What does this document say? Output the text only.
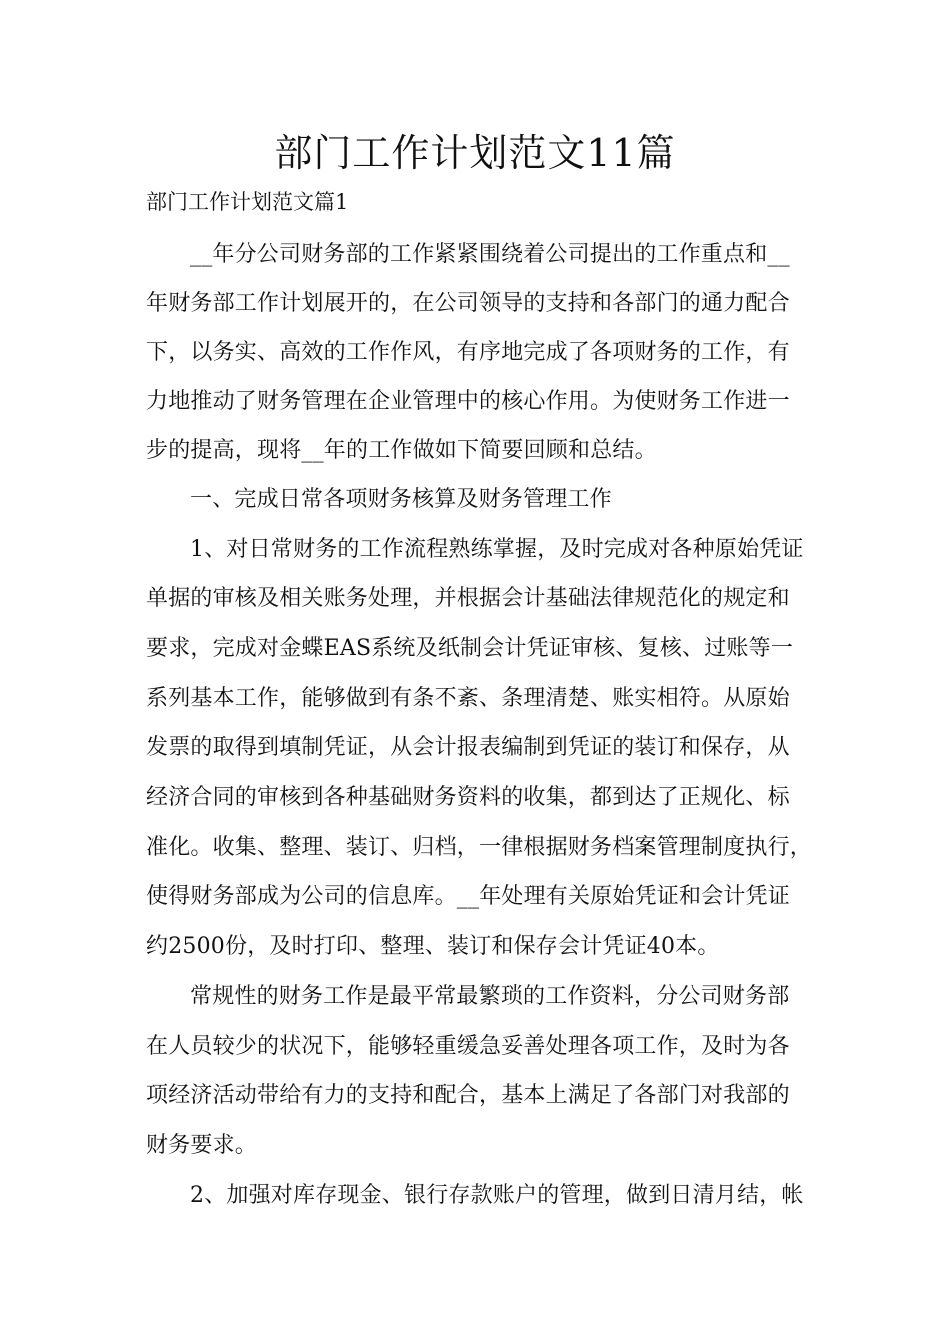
部门工作计划范文11篇

部门工作计划范文篇1

__年分公司财务部的工作紧紧围绕着公司提出的工作重点和__

年财务部工作计划展开的，在公司领导的支持和各部门的通力配合

下，以务实、高效的工作作风，有序地完成了各项财务的工作，有

力地推动了财务管理在企业管理中的核心作用。为使财务工作进一

步的提高，现将__年的工作做如下简要回顾和总结。

一、完成日常各项财务核算及财务管理工作

1、对日常财务的工作流程熟练掌握，及时完成对各种原始凭证

单据的审核及相关账务处理，并根据会计基础法律规范化的规定和

要求，完成对金蝶EAS系统及纸制会计凭证审核、复核、过账等一

系列基本工作，能够做到有条不紊、条理清楚、账实相符。从原始

发票的取得到填制凭证，从会计报表编制到凭证的装订和保存，从

经济合同的审核到各种基础财务资料的收集，都到达了正规化、标

准化。收集、整理、装订、归档，一律根据财务档案管理制度执行，

使得财务部成为公司的信息库。__年处理有关原始凭证和会计凭证

约2500份，及时打印、整理、装订和保存会计凭证40本。

常规性的财务工作是最平常最繁琐的工作资料，分公司财务部

在人员较少的状况下，能够轻重缓急妥善处理各项工作，及时为各

项经济活动带给有力的支持和配合，基本上满足了各部门对我部的

财务要求。

2、加强对库存现金、银行存款账户的管理，做到日清月结，帐
